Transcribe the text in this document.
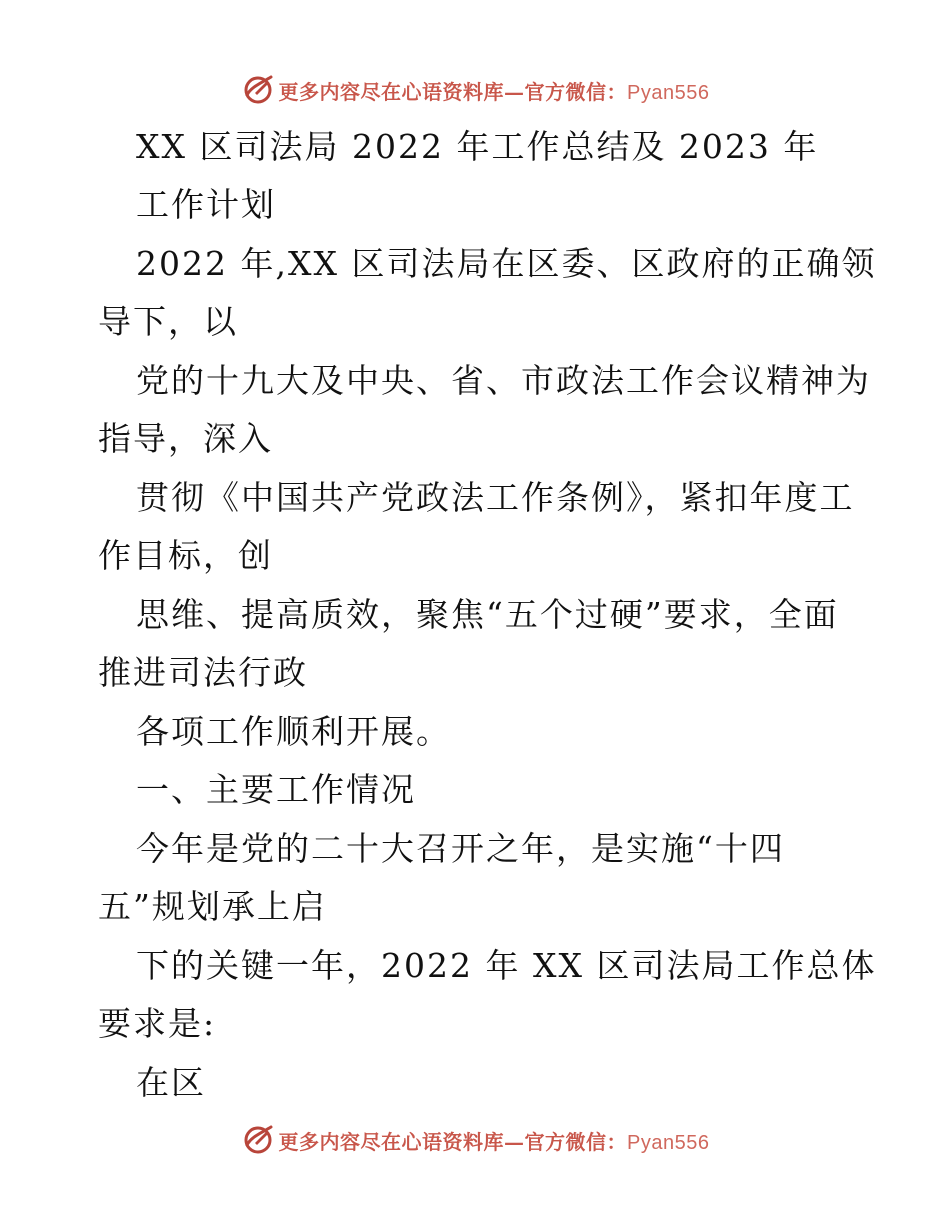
更多内容尽在心语资料库—官方微信：Pyan556
XX 区司法局 2022 年工作总结及 2023 年
工作计划
2022 年,XX 区司法局在区委、区政府的正确领
导下，以
党的十九大及中央、省、市政法工作会议精神为
指导，深入
贯彻《中国共产党政法工作条例》，紧扣年度工
作目标，创
思维、提高质效，聚焦“五个过硬”要求，全面
推进司法行政
各项工作顺利开展。
一、主要工作情况
今年是党的二十大召开之年，是实施“十四
五”规划承上启
下的关键一年，2022 年 XX 区司法局工作总体
要求是:
在区
更多内容尽在心语资料库—官方微信：Pyan556
